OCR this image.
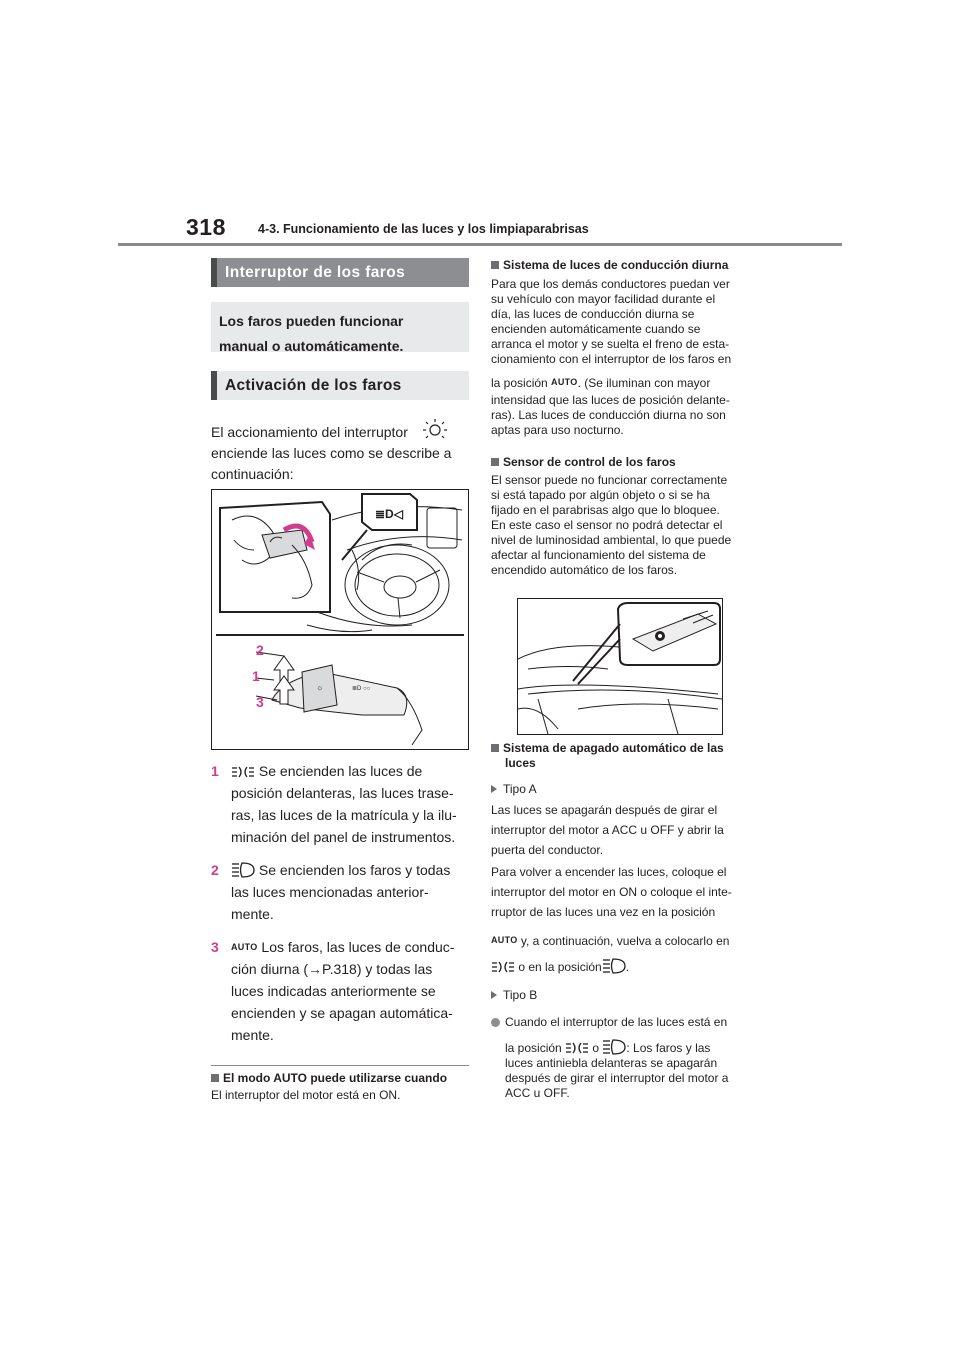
318	4-3. Funcionamiento de las luces y los limpiaparabrisas
Interruptor de los faros
Los faros pueden funcionar
manual o automáticamente.
Activación de los faros
El accionamiento del interruptor
enciende las luces como se describe a
continuación:
≣D◁
☼	≣D ○○
2
1
3
1	Se encienden las luces de
posición delanteras, las luces trase-
ras, las luces de la matrícula y la ilu-
minación del panel de instrumentos.
2	Se encienden los faros y todas
las luces mencionadas anterior-
mente.
3 AUTO Los faros, las luces de conduc-
ción diurna (→P.318) y todas las
luces indicadas anteriormente se
encienden y se apagan automática-
mente.
El modo AUTO puede utilizarse cuando
El interruptor del motor está en ON.
Sistema de luces de conducción diurna
Para que los demás conductores puedan ver
su vehículo con mayor facilidad durante el
día, las luces de conducción diurna se
encienden automáticamente cuando se
arranca el motor y se suelta el freno de esta-
cionamiento con el interruptor de los faros en
la posición AUTO. (Se iluminan con mayor
intensidad que las luces de posición delante-
ras). Las luces de conducción diurna no son
aptas para uso nocturno.
Sensor de control de los faros
El sensor puede no funcionar correctamente
si está tapado por algún objeto o si se ha
fijado en el parabrisas algo que lo bloquee.
En este caso el sensor no podrá detectar el
nivel de luminosidad ambiental, lo que puede
afectar al funcionamiento del sistema de
encendido automático de los faros.
Sistema de apagado automático de las
luces
Tipo A
Las luces se apagarán después de girar el
interruptor del motor a ACC u OFF y abrir la
puerta del conductor.
Para volver a encender las luces, coloque el
interruptor del motor en ON o coloque el inte-
rruptor de las luces una vez en la posición
AUTO y, a continuación, vuelva a colocarlo en
o en la posición .
Tipo B
Cuando el interruptor de las luces está en
la posición  o : Los faros y las
luces antiniebla delanteras se apagarán
después de girar el interruptor del motor a
ACC u OFF.
